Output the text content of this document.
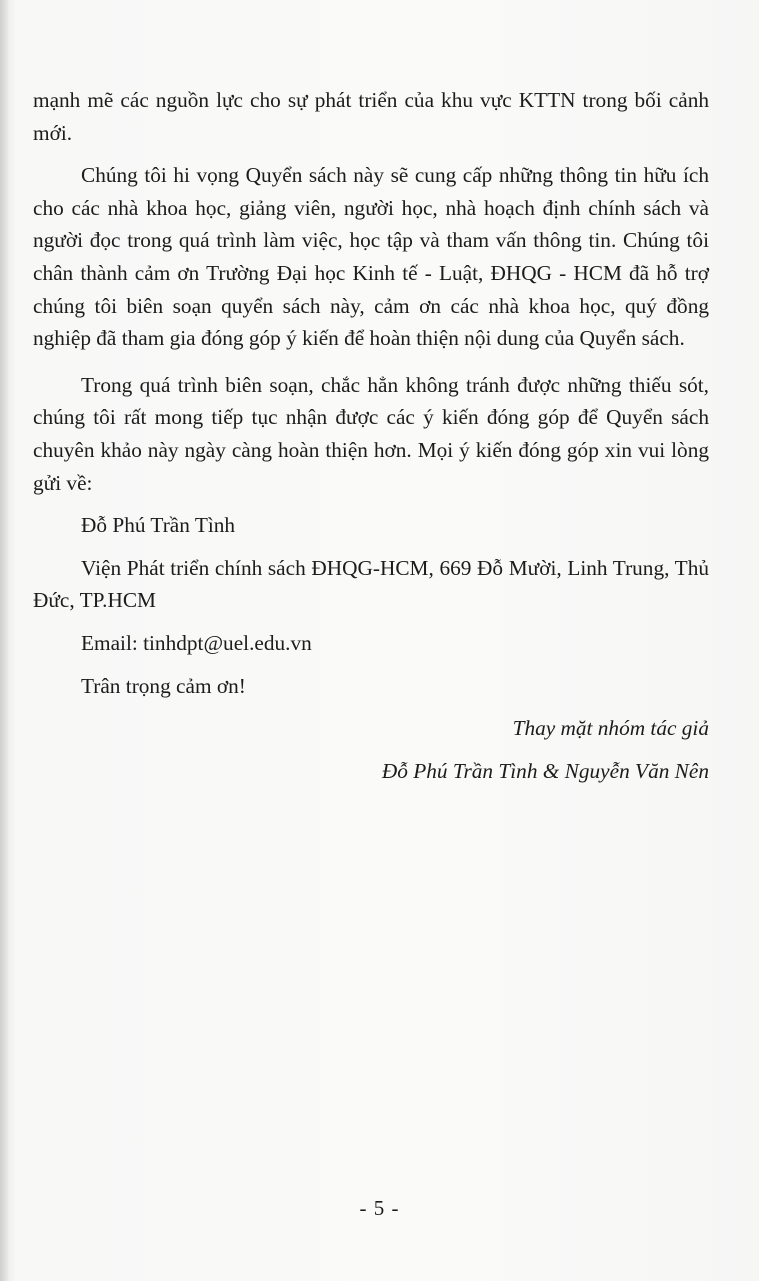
mạnh mẽ các nguồn lực cho sự phát triển của khu vực KTTN trong bối cảnh mới.

Chúng tôi hi vọng Quyển sách này sẽ cung cấp những thông tin hữu ích cho các nhà khoa học, giảng viên, người học, nhà hoạch định chính sách và người đọc trong quá trình làm việc, học tập và tham vấn thông tin. Chúng tôi chân thành cảm ơn Trường Đại học Kinh tế - Luật, ĐHQG - HCM đã hỗ trợ chúng tôi biên soạn quyển sách này, cảm ơn các nhà khoa học, quý đồng nghiệp đã tham gia đóng góp ý kiến để hoàn thiện nội dung của Quyển sách.

Trong quá trình biên soạn, chắc hẳn không tránh được những thiếu sót, chúng tôi rất mong tiếp tục nhận được các ý kiến đóng góp để Quyển sách chuyên khảo này ngày càng hoàn thiện hơn. Mọi ý kiến đóng góp xin vui lòng gửi về:

Đỗ Phú Trần Tình

Viện Phát triển chính sách ĐHQG-HCM, 669 Đỗ Mười, Linh Trung, Thủ Đức, TP.HCM

Email: tinhdpt@uel.edu.vn

Trân trọng cảm ơn!

Thay mặt nhóm tác giả

Đỗ Phú Trần Tình & Nguyễn Văn Nên

- 5 -
